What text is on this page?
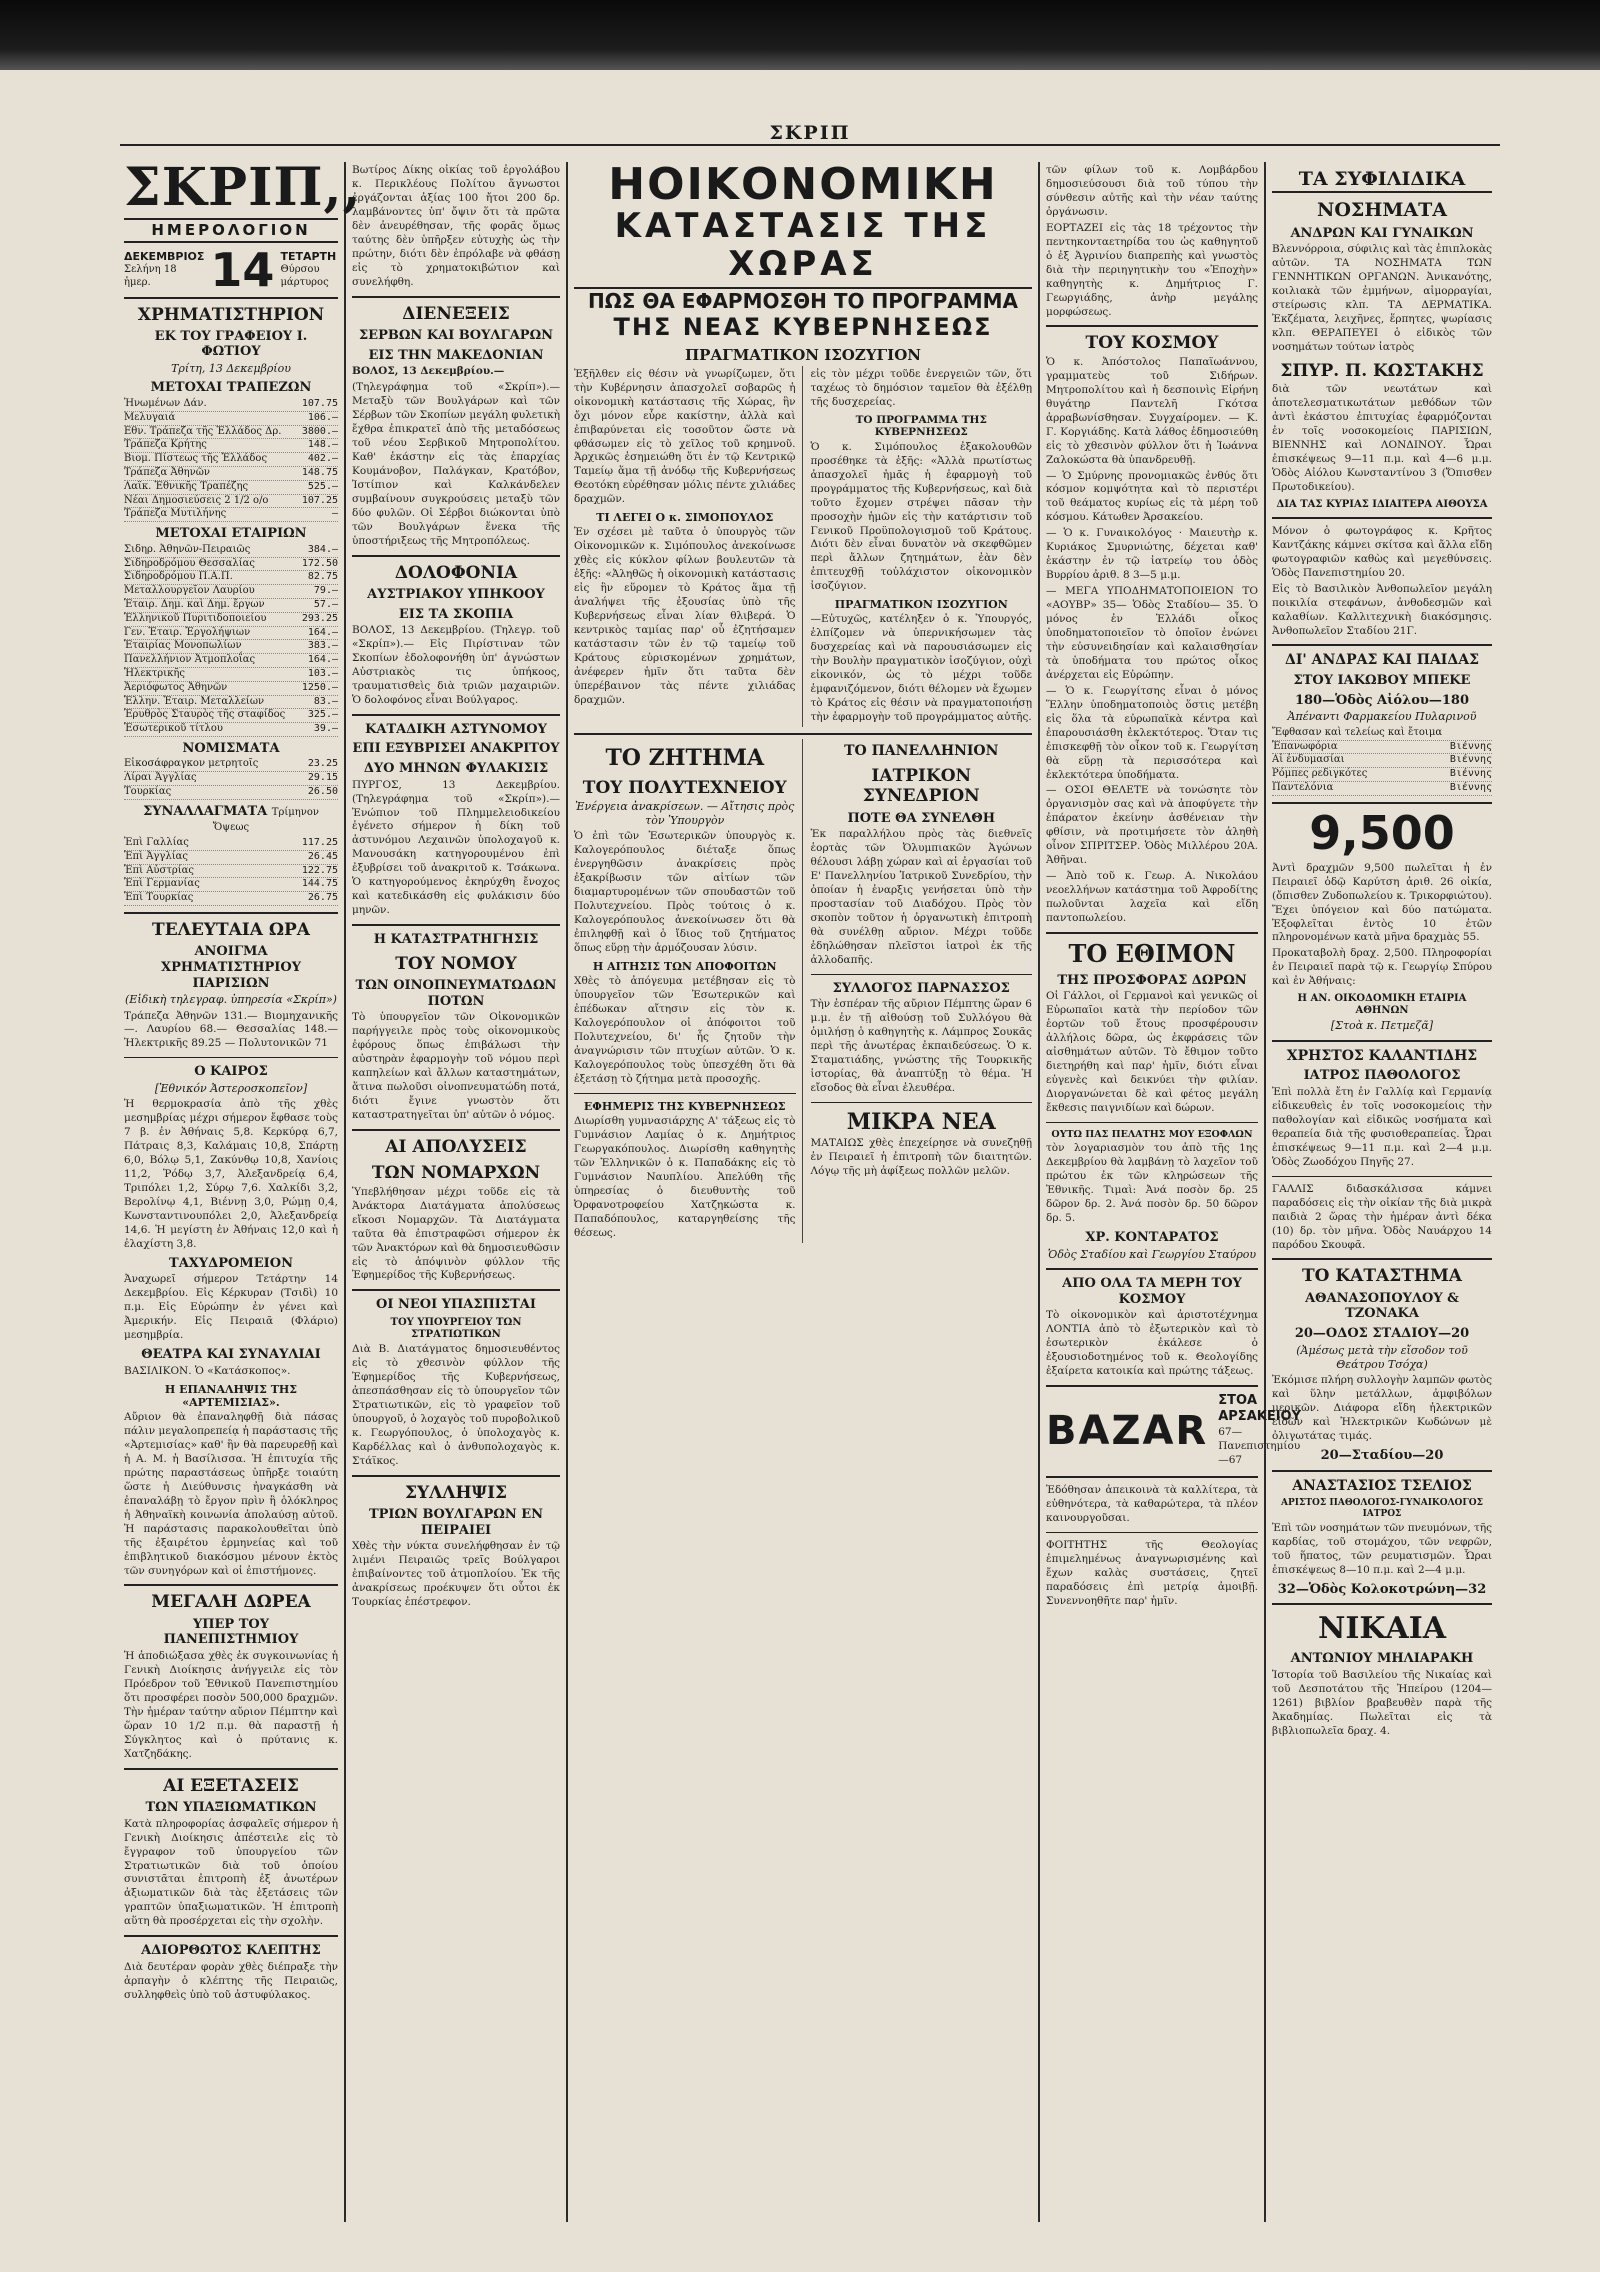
ΣΚΡΙΠ
ΣΚΡΙΠ,,
ΗΜΕΡΟΛΟΓΙΟΝ
ΔΕΚΕΜΒΡΙΟΣ
Σελήνη 18 ἡμερ.	14 ΤΕΤΑΡΤΗ
Θύρσου μάρτυρος
ΧΡΗΜΑΤΙΣΤΗΡΙΟΝ
ΕΚ ΤΟΥ ΓΡΑΦΕΙΟΥ Ι. ΦΩΤΙΟΥ
Τρίτη, 13 Δεκεμβρίου
ΜΕΤΟΧΑΙ ΤΡΑΠΕΖΩΝ
Ἠνωμένων Δάν.	107.75
Μελυγαιά	106.—
Εθν. Τράπεζα τῆς Ἑλλάδος Δρ. 3800.—
Τράπεζα Κρήτης	148.—
Βιομ. Πίστεως τῆς Ἑλλάδος	402.—
Τράπεζα Ἀθηνῶν	148.75
Λαϊκ. Ἐθνικῆς Τραπέζης	525.—
Νέαι Δημοσιεύσεις 2 1/2 ο/ο	107.25
Τράπεζα Μυτιλήνης	—
ΜΕΤΟΧΑΙ ΕΤΑΙΡΙΩΝ
Σιδηρ. Ἀθηνῶν-Πειραιῶς	384.—
Σιδηροδρόμου Θεσσαλίας	172.50
Σιδηροδρόμου Π.Α.Π.	82.75
Μεταλλουργεῖον Λαυρίου	79.—
Ἑταιρ. Δημ. καὶ Δημ. ἔργων	57.—
Ἑλληνικοῦ Πυριτιδοποιείου	293.25
Γεν. Ἑταιρ. Ἐργολήψιων	164.—
Ἑταιρίας Μονοπωλίων	383.—
Πανελλήνιον Ἀτμοπλοΐας	164.—
Ἠλεκτρικῆς	103.—
Ἀεριόφωτος Ἀθηνῶν	1250.—
Ἑλλην. Ἑταιρ. Μεταλλείων	83.—
Ἐρυθρὸς Σταυρὸς τῆς σταφίδος 325.—
Ἐσωτερικοῦ τίτλου	39.—
ΝΟΜΙΣΜΑΤΑ
Εἰκοσάφραγκον μετρητοῖς	23.25
Λίραι Ἀγγλίας	29.15
Τουρκίας	26.50
ΣΥΝΑΛΛΑΓΜΑΤΑ Τρίμηνον Ὄψεως
Ἐπὶ Γαλλίας	117.25
Ἐπὶ Ἀγγλίας	26.45
Ἐπὶ Αὐστρίας	122.75
Ἐπὶ Γερμανίας	144.75
Ἐπὶ Τουρκίας	26.75
ΤΕΛΕΥΤΑΙΑ ΩΡΑ
ΑΝΟΙΓΜΑ ΧΡΗΜΑΤΙΣΤΗΡΙΟΥ ΠΑΡΙΣΙΩΝ
(Εἰδικὴ τηλεγραφ. ὑπηρεσία «Σκρίπ»)
Τράπεζα Ἀθηνῶν 131.— Βιομηχανικῆς —. Λαυρίου 68.— Θεσσαλίας 148.— Ἠλεκτρικῆς 89.25 — Πολυτονικῶν 71
Ο ΚΑΙΡΟΣ
[Ἐθνικόν Ἀστεροσκοπεῖον]
Ἡ θερμοκρασία ἀπὸ τῆς χθὲς μεσημβρίας μέχρι σήμερον ἔφθασε τοὺς 7 β. ἐν Ἀθήναις 5,8. Κερκύρᾳ 6,7, Πάτραις 8,3, Καλάμαις 10,8, Σπάρτῃ 6,0, Βόλῳ 5,1, Ζακύνθῳ 10,8, Χανίοις 11,2, Ῥόδῳ 3,7, Ἀλεξανδρείᾳ 6,4, Τριπόλει 1,2, Σύρῳ 7,6. Χαλκίδι 3,2, Βερολίνῳ 4,1, Βιέννῃ 3,0, Ρώμῃ 0,4, Κωνσταντινουπόλει 2,0, Ἀλεξανδρείᾳ 14,6. Ἡ μεγίστη ἐν Ἀθήναις 12,0 καὶ ἡ ἐλαχίστη 3,8.
ΤΑΧΥΔΡΟΜΕΙΟΝ
Ἀναχωρεῖ σήμερον Τετάρτην 14 Δεκεμβρίου. Εἰς Κέρκυραν (Τσιδὶ) 10 π.μ. Εἰς Εὐρώπην ἐν γένει καὶ Ἀμερικήν. Εἰς Πειραιᾶ (Φλάριο) μεσημβρία.
ΘΕΑΤΡΑ ΚΑΙ ΣΥΝΑΥΛΙΑΙ
ΒΑΣΙΛΙΚΟΝ. Ὁ «Κατάσκοπος».
Η ΕΠΑΝΑΛΗΨΙΣ ΤΗΣ «ΑΡΤΕΜΙΣΙΑΣ».
Αὔριον θὰ ἐπαναληφθῇ διὰ πάσας πάλιν μεγαλοπρεπείᾳ ἡ παράστασις τῆς «Ἀρτεμισίας» καθ' ἣν θὰ παρευρεθῇ καὶ ἡ Α. Μ. ἡ Βασίλισσα. Ἡ ἐπιτυχία τῆς πρώτης παραστάσεως ὑπῆρξε τοιαύτη ὥστε ἡ Διεύθυνσις ἠναγκάσθη νὰ ἐπαναλάβῃ τὸ ἔργον πρὶν ἢ ὁλόκληρος ἡ Ἀθηναϊκὴ κοινωνία ἀπολαύσῃ αὐτοῦ. Ἡ παράστασις παρακολουθεῖται ὑπὸ τῆς ἐξαιρέτου ἑρμηνείας καὶ τοῦ ἐπιβλητικοῦ διακόσμου μένουν ἐκτὸς τῶν συνηγόρων καὶ οἱ ἐπιστήμονες.
ΜΕΓΑΛΗ ΔΩΡΕΑ
ΥΠΕΡ ΤΟΥ ΠΑΝΕΠΙΣΤΗΜΙΟΥ
Ἡ ἀποδιώξασα χθὲς ἐκ συγκοινωνίας ἡ Γενικὴ Διοίκησις ἀνήγγειλε εἰς τὸν Πρόεδρον τοῦ Ἐθνικοῦ Πανεπιστημίου ὅτι προσφέρει ποσὸν 500,000 δραχμῶν. Τὴν ἡμέραν ταύτην αὔριον Πέμπτην καὶ ὥραν 10 1/2 π.μ. θὰ παραστῇ ἡ Σύγκλητος καὶ ὁ πρύτανις κ. Χατζηδάκης.
ΑΙ ΕΞΕΤΑΣΕΙΣ
ΤΩΝ ΥΠΑΞΙΩΜΑΤΙΚΩΝ
Κατὰ πληροφορίας ἀσφαλεῖς σήμερον ἡ Γενικὴ Διοίκησις ἀπέστειλε εἰς τὸ ἔγγραφον τοῦ ὑπουργείου τῶν Στρατιωτικῶν διὰ τοῦ ὁποίου συνιστᾶται ἐπιτροπὴ ἐξ ἀνωτέρων ἀξιωματικῶν διὰ τὰς ἐξετάσεις τῶν γραπτῶν ὑπαξιωματικῶν. Ἡ ἐπιτροπὴ αὕτη θὰ προσέρχεται εἰς τὴν σχολὴν.
ΑΔΙΟΡΘΩΤΟΣ ΚΛΕΠΤΗΣ
Διὰ δευτέραν φορὰν χθὲς διέπραξε τὴν ἁρπαγὴν ὁ κλέπτης τῆς Πειραιῶς, συλληφθεὶς ὑπὸ τοῦ ἀστυφύλακος.
Βωτίρος Δίκης οἰκίας τοῦ ἐργολάβου κ. Περικλέους Πολίτου ἄγνωστοι ἐργάζονται ἀξίας 100 ἤτοι 200 δρ. λαμβάνοντες ὑπ' ὄψιν ὅτι τὰ πρῶτα δὲν ἀνευρέθησαν, τῆς φορᾶς ὅμως ταύτης δὲν ὑπῆρξεν εὐτυχὴς ὡς τὴν πρώτην, διότι δὲν ἐπρόλαβε νὰ φθάσῃ εἰς τὸ χρηματοκιβώτιον καὶ συνελήφθη.
ΔΙΕΝΕΞΕΙΣ
ΣΕΡΒΩΝ ΚΑΙ ΒΟΥΛΓΑΡΩΝ
ΕΙΣ ΤΗΝ ΜΑΚΕΔΟΝΙΑΝ
ΒΟΛΟΣ, 13 Δεκεμβρίου.—
(Τηλεγράφημα τοῦ «Σκρίπ»).— Μεταξὺ τῶν Βουλγάρων καὶ τῶν Σέρβων τῶν Σκοπίων μεγάλη φυλετικὴ ἔχθρα ἐπικρατεῖ ἀπὸ τῆς μεταδόσεως τοῦ νέου Σερβικοῦ Μητροπολίτου. Καθ' ἑκάστην εἰς τὰς ἐπαρχίας Κουμάνοβον, Παλάγκαν, Κρατόβον, Ἰστίπιον καὶ Καλκάνδελεν συμβαίνουν συγκρούσεις μεταξὺ τῶν δύο φυλῶν. Οἱ Σέρβοι διώκονται ὑπὸ τῶν Βουλγάρων ἕνεκα τῆς ὑποστήριξεως τῆς Μητροπόλεως.
ΔΟΛΟΦΟΝΙΑ
ΑΥΣΤΡΙΑΚΟΥ ΥΠΗΚΟΟΥ
ΕΙΣ ΤΑ ΣΚΟΠΙΑ
ΒΟΛΟΣ, 13 Δεκεμβρίου. (Τηλεγρ. τοῦ «Σκρίπ»).— Εἰς Πιρίστιναν τῶν Σκοπίων ἐδολοφονήθη ὑπ' ἀγνώστων Αὐστριακὸς τις ὑπήκοος, τραυματισθεὶς διὰ τριῶν μαχαιριῶν. Ὁ δολοφόνος εἶναι Βούλγαρος.
ΚΑΤΑΔΙΚΗ ΑΣΤΥΝΟΜΟΥ
ΕΠΙ ΕΞΥΒΡΙΣΕΙ ΑΝΑΚΡΙΤΟΥ
ΔΥΟ ΜΗΝΩΝ ΦΥΛΑΚΙΣΙΣ
ΠΥΡΓΟΣ, 13 Δεκεμβρίου. (Τηλεγράφημα τοῦ «Σκρίπ»).— Ἐνώπιον τοῦ Πλημμελειοδικείου ἐγένετο σήμερον ἡ δίκη τοῦ ἀστυνόμου Λεχαινῶν ὑπολοχαγοῦ κ. Μανουσάκη κατηγορουμένου ἐπὶ ἐξυβρίσει τοῦ ἀνακριτοῦ κ. Τσάκωνα. Ὁ κατηγορούμενος ἐκηρύχθη ἔνοχος καὶ κατεδικάσθη εἰς φυλάκισιν δύο μηνῶν.
Η ΚΑΤΑΣΤΡΑΤΗΓΗΣΙΣ
ΤΟΥ ΝΟΜΟΥ
ΤΩΝ ΟΙΝΟΠΝΕΥΜΑΤΩΔΩΝ ΠΟΤΩΝ
Τὸ ὑπουργεῖον τῶν Οἰκονομικῶν παρήγγειλε πρὸς τοὺς οἰκονομικοὺς ἐφόρους ὅπως ἐπιβάλωσι τὴν αὐστηρὰν ἐφαρμογὴν τοῦ νόμου περὶ καπηλείων καὶ ἄλλων καταστημάτων, ἅτινα πωλοῦσι οἰνοπνευματώδη ποτά, διότι ἔγινε γνωστὸν ὅτι καταστρατηγεῖται ὑπ' αὐτῶν ὁ νόμος.
ΑΙ ΑΠΟΛΥΣΕΙΣ
ΤΩΝ ΝΟΜΑΡΧΩΝ
Ὑπεβλήθησαν μέχρι τοῦδε εἰς τὰ Ἀνάκτορα Διατάγματα ἀπολύσεως εἴκοσι Νομαρχῶν. Τὰ Διατάγματα ταῦτα θὰ ἐπιστραφῶσι σήμερον ἐκ τῶν Ἀνακτόρων καὶ θὰ δημοσιευθῶσιν εἰς τὸ ἀπόψινὸν φύλλον τῆς Ἐφημερίδος τῆς Κυβερνήσεως.
ΟΙ ΝΕΟΙ ΥΠΑΣΠΙΣΤΑΙ
ΤΟΥ ΥΠΟΥΡΓΕΙΟΥ ΤΩΝ ΣΤΡΑΤΙΩΤΙΚΩΝ
Διὰ Β. Διατάγματος δημοσιευθέντος εἰς τὸ χθεσινὸν φύλλον τῆς Ἐφημερίδος τῆς Κυβερνήσεως, ἀπεσπάσθησαν εἰς τὸ ὑπουργεῖον τῶν Στρατιωτικῶν, εἰς τὸ γραφεῖον τοῦ ὑπουργοῦ, ὁ λοχαγὸς τοῦ πυροβολικοῦ κ. Γεωργόπουλος, ὁ ὑπολοχαγὸς κ. Καρδέλλας καὶ ὁ ἀνθυπολοχαγὸς κ. Στάϊκος.
ΣΥΛΛΗΨΙΣ
ΤΡΙΩΝ ΒΟΥΛΓΑΡΩΝ ΕΝ ΠΕΙΡΑΙΕΙ
Χθὲς τὴν νύκτα συνελήφθησαν ἐν τῷ λιμένι Πειραιῶς τρεῖς Βούλγαροι ἐπιβαίνοντες τοῦ ἀτμοπλοίου. Ἐκ τῆς ἀνακρίσεως προέκυψεν ὅτι οὗτοι ἐκ Τουρκίας ἐπέστρεφον.
ΗΟΙΚΟΝΟΜΙΚΗ
ΚΑΤΑΣΤΑΣΙΣ ΤΗΣ ΧΩΡΑΣ
ΠΩΣ ΘΑ ΕΦΑΡΜΟΣΘΗ ΤΟ ΠΡΟΓΡΑΜΜΑ
ΤΗΣ ΝΕΑΣ ΚΥΒΕΡΝΗΣΕΩΣ
ΠΡΑΓΜΑΤΙΚΟΝ ΙΣΟΖΥΓΙΟΝ
Ἐξῆλθεν εἰς θέσιν νὰ γνωρίζωμεν, ὅτι τὴν Κυβέρνησιν ἀπασχολεῖ σοβαρῶς ἡ οἰκονομικὴ κατάστασις τῆς Χώρας, ἣν ὄχι μόνον εὗρε κακίστην, ἀλλὰ καὶ ἐπιβαρύνεται εἰς τοσοῦτον ὥστε νὰ φθάσωμεν εἰς τὸ χεῖλος τοῦ κρημνοῦ. Ἀρχικῶς ἐσημειώθη ὅτι ἐν τῷ Κεντρικῷ Ταμείῳ ἅμα τῇ ἀνόδῳ τῆς Κυβερνήσεως Θεοτόκη εὑρέθησαν μόλις πέντε χιλιάδες δραχμῶν.
ΤΙ ΛΕΓΕΙ Ο κ. ΣΙΜΟΠΟΥΛΟΣ
Ἐν σχέσει μὲ ταῦτα ὁ ὑπουργὸς τῶν Οἰκονομικῶν κ. Σιμόπουλος ἀνεκοίνωσε χθὲς εἰς κύκλον φίλων βουλευτῶν τὰ ἑξῆς: «Ἀληθῶς ἡ οἰκονομικὴ κατάστασις εἰς ἣν εὕρομεν τὸ Κράτος ἅμα τῇ ἀναλήψει τῆς ἐξουσίας ὑπὸ τῆς Κυβερνήσεως εἶναι λίαν θλιβερά. Ὁ κεντρικὸς ταμίας παρ' οὗ ἐζητήσαμεν κατάστασιν τῶν ἐν τῷ ταμείῳ τοῦ Κράτους εὑρισκομένων χρημάτων, ἀνέφερεν ἡμῖν ὅτι ταῦτα δὲν ὑπερέβαινον τὰς πέντε χιλιάδας δραχμῶν.
εἰς τὸν μέχρι τοῦδε ἐνεργειῶν τῶν, ὅτι ταχέως τὸ δημόσιον ταμεῖον θὰ ἐξέλθῃ τῆς δυσχερείας.
ΤΟ ΠΡΟΓΡΑΜΜΑ ΤΗΣ ΚΥΒΕΡΝΗΣΕΩΣ
Ὁ κ. Σιμόπουλος ἐξακολουθῶν προσέθηκε τὰ ἑξῆς: «Ἀλλὰ πρωτίστως ἀπασχολεῖ ἡμᾶς ἡ ἐφαρμογὴ τοῦ προγράμματος τῆς Κυβερνήσεως, καὶ διὰ τοῦτο ἔχομεν στρέψει πᾶσαν τὴν προσοχὴν ἡμῶν εἰς τὴν κατάρτισιν τοῦ Γενικοῦ Προϋπολογισμοῦ τοῦ Κράτους. Διότι δὲν εἶναι δυνατὸν νὰ σκεφθῶμεν περὶ ἄλλων ζητημάτων, ἐὰν δὲν ἐπιτευχθῇ τοὐλάχιστον οἰκονομικὸν ἰσοζύγιον.
ΠΡΑΓΜΑΤΙΚΟΝ ΙΣΟΖΥΓΙΟΝ
—Εὐτυχῶς, κατέληξεν ὁ κ. Ὑπουργός, ἐλπίζομεν νὰ ὑπερνικήσωμεν τὰς δυσχερείας καὶ νὰ παρουσιάσωμεν εἰς τὴν Βουλὴν πραγματικὸν ἰσοζύγιον, οὐχὶ εἰκονικόν, ὡς τὸ μέχρι τοῦδε ἐμφανιζόμενον, διότι θέλομεν νὰ ἔχωμεν τὸ Κράτος εἰς θέσιν νὰ πραγματοποιήσῃ τὴν ἐφαρμογὴν τοῦ προγράμματος αὐτῆς.
ΤΟ ΖΗΤΗΜΑ
ΤΟΥ ΠΟΛΥΤΕΧΝΕΙΟΥ
Ἐνέργεια ἀνακρίσεων. — Αἴτησις πρὸς τὸν Ὑπουργὸν
Ὁ ἐπὶ τῶν Ἐσωτερικῶν ὑπουργὸς κ. Καλογερόπουλος διέταξε ὅπως ἐνεργηθῶσιν ἀνακρίσεις πρὸς ἐξακρίβωσιν τῶν αἰτίων τῶν διαμαρτυρομένων τῶν σπουδαστῶν τοῦ Πολυτεχνείου. Πρὸς τούτοις ὁ κ. Καλογερόπουλος ἀνεκοίνωσεν ὅτι θὰ ἐπιληφθῇ καὶ ὁ ἴδιος τοῦ ζητήματος ὅπως εὕρῃ τὴν ἀρμόζουσαν λύσιν.
Η ΑΙΤΗΣΙΣ ΤΩΝ ΑΠΟΦΟΙΤΩΝ
Χθὲς τὸ ἀπόγευμα μετέβησαν εἰς τὸ ὑπουργεῖον τῶν Ἐσωτερικῶν καὶ ἐπέδωκαν αἴτησιν εἰς τὸν κ. Καλογερόπουλον οἱ ἀπόφοιτοι τοῦ Πολυτεχνείου, δι' ἧς ζητοῦν τὴν ἀναγνώρισιν τῶν πτυχίων αὐτῶν. Ὁ κ. Καλογερόπουλος τοὺς ὑπεσχέθη ὅτι θὰ ἐξετάσῃ τὸ ζήτημα μετὰ προσοχῆς.
ΕΦΗΜΕΡΙΣ ΤΗΣ ΚΥΒΕΡΝΗΣΕΩΣ
Διωρίσθη γυμνασιάρχης Α' τάξεως εἰς τὸ Γυμνάσιον Λαμίας ὁ κ. Δημήτριος Γεωργακόπουλος. Διωρίσθη καθηγητὴς τῶν Ἑλληνικῶν ὁ κ. Παπαδάκης εἰς τὸ Γυμνάσιον Ναυπλίου. Ἀπελύθη τῆς ὑπηρεσίας ὁ διευθυντὴς τοῦ Ὀρφανοτροφείου Χατζηκώστα κ. Παπαδόπουλος, καταργηθείσης τῆς θέσεως.
ΤΟ ΠΑΝΕΛΛΗΝΙΟΝ
ΙΑΤΡΙΚΟΝ ΣΥΝΕΔΡΙΟΝ
ΠΟΤΕ ΘΑ ΣΥΝΕΛΘΗ
Ἐκ παραλλήλου πρὸς τὰς διεθνεῖς ἑορτὰς τῶν Ὀλυμπιακῶν Ἀγώνων θέλουσι λάβῃ χώραν καὶ αἱ ἐργασίαι τοῦ Ε' Πανελληνίου Ἰατρικοῦ Συνεδρίου, τὴν ὁποίαν ἡ ἐναρξις γενήσεται ὑπὸ τὴν προστασίαν τοῦ Διαδόχου. Πρὸς τὸν σκοπὸν τοῦτον ἡ ὀργανωτικὴ ἐπιτροπὴ θὰ συνέλθῃ αὔριον. Μέχρι τοῦδε ἐδηλώθησαν πλεῖστοι ἰατροὶ ἐκ τῆς ἀλλοδαπῆς.
ΣΥΛΛΟΓΟΣ ΠΑΡΝΑΣΣΟΣ
Τὴν ἑσπέραν τῆς αὔριον Πέμπτης ὥραν 6 μ.μ. ἐν τῇ αἰθούσῃ τοῦ Συλλόγου θὰ ὁμιλήσῃ ὁ καθηγητὴς κ. Λάμπρος Σουκᾶς περὶ τῆς ἀνωτέρας ἐκπαιδεύσεως. Ὁ κ. Σταματιάδης, γνώστης τῆς Τουρκικῆς ἱστορίας, θὰ ἀναπτύξῃ τὸ θέμα. Ἡ εἴσοδος θὰ εἶναι ἐλευθέρα.
ΜΙΚΡΑ ΝΕΑ
ΜΑΤΑΙΩΣ χθὲς ἐπεχείρησε νὰ συνεζηθῇ ἐν Πειραιεῖ ἡ ἐπιτροπὴ τῶν διαιτητῶν. Λόγῳ τῆς μὴ ἀφίξεως πολλῶν μελῶν.
τῶν φίλων τοῦ κ. Λομβάρδου δημοσιεύσουσι διὰ τοῦ τύπου τὴν σύνθεσιν αὐτῆς καὶ τὴν νέαν ταύτης ὀργάνωσιν.
ΕΟΡΤΑΖΕΙ εἰς τὰς 18 τρέχοντος τὴν πεντηκονταετηρίδα του ὡς καθηγητοῦ ὁ ἐξ Ἀγρινίου διαπρεπὴς καὶ γνωστὸς διὰ τὴν περιηγητικὴν του «Ἐποχὴν» καθηγητὴς κ. Δημήτριος Γ. Γεωργιάδης, ἀνὴρ μεγάλης μορφώσεως.
ΤΟΥ ΚΟΣΜΟΥ
Ὁ κ. Ἀπόστολος Παπαϊωάννου, γραμματεὺς τοῦ Σιδήρων. Μητροπολίτου καὶ ἡ δεσποινὶς Εἰρήνη θυγάτηρ Παντελῆ Γκότσα ἀρραβωνίσθησαν. Συγχαίρομεν. — Κ. Γ. Κοργιάδης. Κατὰ λάθος ἐδημοσιεύθη εἰς τὸ χθεσινὸν φύλλον ὅτι ἡ Ἰωάννα Ζαλοκώστα θὰ ὑπανδρευθῇ.
— Ὁ Σμύρνης προνομιακῶς ἐνθύς ὅτι κόσμον κομψότητα καὶ τὸ περιστέρι τοῦ θεάματος κυρίως εἰς τὰ μέρη τοῦ κόσμου. Κάτωθεν Ἀρσακείου.
— Ὁ κ. Γυναικολόγος · Μαιευτὴρ κ. Κυριάκος Σμυρνιώτης, δέχεται καθ' ἑκάστην ἐν τῷ ἰατρείῳ του ὁδὸς Βυρρίου ἀριθ. 8 3—5 μ.μ.
— ΜΕΓΑ ΥΠΟΔΗΜΑΤΟΠΟΙΕΙΟΝ ΤΟ «ΑΟΥΒΡ» 35— Ὁδὸς Σταδίου— 35. Ὁ μόνος ἐν Ἑλλάδι οἶκος ὑποδηματοποιεῖον τὸ ὁποῖον ἐνώνει τὴν εὐσυνειδησίαν καὶ καλαισθησίαν τὰ ὑποδήματα του πρώτος οἶκος ἀνέρχεται εἰς Εὐρώπην.
— Ὁ κ. Γεωργίτσης εἶναι ὁ μόνος Ἕλλην ὑποδηματοποιὸς ὅστις μετέβη εἰς ὅλα τὰ εὐρωπαϊκὰ κέντρα καὶ ἐπαρουσιάσθη ἐκλεκτότερος. Ὅταν τις ἐπισκεφθῇ τὸν οἶκον τοῦ κ. Γεωργίτση θὰ εὕρῃ τὰ περισσότερα καὶ ἐκλεκτότερα ὑποδήματα.
— ΟΣΟΙ ΘΕΛΕΤΕ νὰ τονώσητε τὸν ὀργανισμὸν σας καὶ νὰ ἀποφύγετε τὴν ἐπάρατον ἐκείνην ἀσθένειαν τὴν φθίσιν, νὰ προτιμήσετε τὸν ἀληθὴ οἶνον ΣΠΡΙΤΣΕΡ. Ὁδὸς Μιλλέρου 20Α. Ἀθῆναι.
— Ἀπὸ τοῦ κ. Γεωρ. Α. Νικολάου νεοελλήνων κατάστημα τοῦ Ἀφροδίτης πωλοῦνται λαχεῖα καὶ εἴδη παντοπωλείου.
ΤΟ ΕΘΙΜΟΝ
ΤΗΣ ΠΡΟΣΦΟΡΑΣ ΔΩΡΩΝ
Οἱ Γάλλοι, οἱ Γερμανοὶ καὶ γενικῶς οἱ Εὐρωπαῖοι κατὰ τὴν περίοδον τῶν ἑορτῶν τοῦ ἔτους προσφέρουσιν ἀλλήλοις δῶρα, ὡς ἐκφράσεις τῶν αἰσθημάτων αὐτῶν. Τὸ ἔθιμον τοῦτο διετηρήθη καὶ παρ' ἡμῖν, διότι εἶναι εὐγενὲς καὶ δεικνύει τὴν φιλίαν. Διοργανώνεται δὲ καὶ φέτος μεγάλη ἔκθεσις παιγνιδίων καὶ δώρων.
ΟΥΤΩ ΠΑΣ ΠΕΛΑΤΗΣ ΜΟΥ ΕΞΟΦΛΩΝ
τὸν λογαριασμὸν του ἀπὸ τῆς 1ης Δεκεμβρίου θὰ λαμβάνῃ τὸ λαχεῖον τοῦ πρώτου ἐκ τῶν κληρώσεων τῆς Ἐθνικῆς. Τιμαὶ: Ἀνά ποσὸν δρ. 25 δῶρον δρ. 2. Ἀνά ποσὸν δρ. 50 δῶρον δρ. 5.
ΧΡ. ΚΟΝΤΑΡΑΤΟΣ
Ὁδὸς Σταδίου καὶ Γεωργίου Σταύρου
ΑΠΟ ΟΛΑ ΤΑ ΜΕΡΗ ΤΟΥ ΚΟΣΜΟΥ
Τὸ οἰκονομικὸν καὶ ἀριστοτέχνημα ΛΟΝΤΙΑ ἀπὸ τὸ ἐξωτερικὸν καὶ τὸ ἐσωτερικὸν ἐκάλεσε ὁ ἐξουσιοδοτημένος τοῦ κ. Θεολογίδης ἐξαίρετα κατοικία καὶ πρώτης τάξεως.
BAZAR
ΣΤΟΑ ΑΡΣΑΚΕΙΟΥ
67—Πανεπιστημίου—67
Ἐδόθησαν ἀπεικοινὰ τὰ καλλίτερα, τὰ εὐθηνότερα, τὰ καθαρώτερα, τὰ πλέον καινουργοῦσαι.
ΦΟΙΤΗΤΗΣ τῆς Θεολογίας ἐπιμελημένως ἀναγνωρισμένης καὶ ἔχων καλὰς συστάσεις, ζητεῖ παραδόσεις ἐπὶ μετρίᾳ ἀμοιβῇ. Συνεννοηθῆτε παρ' ἡμῖν.
ΤΑ ΣΥΦΙΛΙΔΙΚΑ
ΝΟΣΗΜΑΤΑ
ΑΝΔΡΩΝ ΚΑΙ ΓΥΝΑΙΚΩΝ
Βλεννόρροια, σύφιλις καὶ τὰς ἐπιπλοκὰς αὐτῶν. ΤΑ ΝΟΣΗΜΑΤΑ ΤΩΝ ΓΕΝΝΗΤΙΚΩΝ ΟΡΓΑΝΩΝ. Ἀνικανότης, κοιλιακὰ τῶν ἐμμήνων, αἱμορραγίαι, στείρωσις κλπ. ΤΑ ΔΕΡΜΑΤΙΚΑ. Ἐκζέματα, λειχῆνες, ἕρπητες, ψωρίασις κλπ. ΘΕΡΑΠΕΥΕΙ ὁ εἰδικὸς τῶν νοσημάτων τούτων ἰατρὸς
ΣΠΥΡ. Π. ΚΩΣΤΑΚΗΣ
διὰ τῶν νεωτάτων καὶ ἀποτελεσματικωτάτων μεθόδων τῶν ἀντὶ ἑκάστου ἐπιτυχίας ἐφαρμόζονται ἐν τοῖς νοσοκομείοις ΠΑΡΙΣΙΩΝ, ΒΙΕΝΝΗΣ καὶ ΛΟΝΔΙΝΟΥ. Ὧραι ἐπισκέψεως 9—11 π.μ. καὶ 4—6 μ.μ. Ὁδὸς Αἰόλου Κωνσταντίνου 3 (Ὄπισθεν Πρωτοδικείου).
ΔΙΑ ΤΑΣ ΚΥΡΙΑΣ ΙΔΙΑΙΤΕΡΑ ΑΙΘΟΥΣΑ
Μόνον ὁ φωτογράφος κ. Κρῆτος Καντζάκης κάμνει σκίτσα καὶ ἄλλα εἴδη φωτογραφιῶν καθὼς καὶ μεγεθύνσεις. Ὁδὸς Πανεπιστημίου 20.
Εἰς τὸ Βασιλικὸν Ἀνθοπωλεῖον μεγάλη ποικιλία στεφάνων, ἀνθοδεσμῶν καὶ καλαθίων. Καλλιτεχνικὴ διακόσμησις. Ἀνθοπωλεῖον Σταδίου 21Γ.
ΔΙ' ΑΝΔΡΑΣ ΚΑΙ ΠΑΙΔΑΣ
ΣΤΟΥ ΙΑΚΩΒΟΥ ΜΠΕΚΕ
180—Ὁδὸς Αἰόλου—180
Ἀπέναντι Φαρμακείου Πυλαρινοῦ
Ἔφθασαν καὶ τελείως καὶ ἔτοιμα
Ἐπανωφόρια	Βιέννης
Αἱ ἐνδυμασίαι	Βιέννης
Ρόμπες ρεδιγκότες	Βιέννης
Παντελόνια	Βιέννης
9,500
Ἀντὶ δραχμῶν 9,500 πωλεῖται ἡ ἐν Πειραιεῖ ὁδῷ Καρύτση ἀριθ. 26 οἰκία, (ὄπισθεν Ζυδοπωλείου κ. Τρικορφιώτου). Ἔχει ὑπόγειον καὶ δύο πατώματα. Ἐξοφλεῖται ἐντὸς 10 ἐτῶν πληρονομένων κατὰ μῆνα δραχμὰς 55.
Προκαταβολὴ δραχ. 2,500. Πληροφορίαι ἐν Πειραιεῖ παρὰ τῷ κ. Γεωργίῳ Σπύρου καὶ ἐν Ἀθήναις:
Η ΑΝ. ΟΙΚΟΔΟΜΙΚΗ ΕΤΑΙΡΙΑ ΑΘΗΝΩΝ
[Στοὰ κ. Πετμεζᾶ]
ΧΡΗΣΤΟΣ ΚΑΛΑΝΤΙΔΗΣ
ΙΑΤΡΟΣ ΠΑΘΟΛΟΓΟΣ
Ἐπὶ πολλὰ ἔτη ἐν Γαλλίᾳ καὶ Γερμανίᾳ εἰδικευθεὶς ἐν τοῖς νοσοκομείοις τὴν παθολογίαν καὶ εἰδικῶς νοσήματα καὶ θεραπεία διὰ τῆς φυσιοθεραπείας. Ὧραι ἐπισκέψεως 9—11 π.μ. καὶ 2—4 μ.μ. Ὁδὸς Ζωοδόχου Πηγῆς 27.
ΓΑΛΛΙΣ διδασκάλισσα κάμνει παραδόσεις εἰς τὴν οἰκίαν τῆς διὰ μικρὰ παιδιὰ 2 ὥρας τὴν ἡμέραν ἀντὶ δέκα (10) δρ. τὸν μῆνα. Ὁδὸς Ναυάρχου 14 παρόδου Σκουφᾶ.
ΤΟ ΚΑΤΑΣΤΗΜΑ
ΑΘΑΝΑΣΟΠΟΥΛΟΥ & ΤΖΟΝΑΚΑ
20—ΟΔΟΣ ΣΤΑΔΙΟΥ—20
(Ἀμέσως μετὰ τὴν εἴσοδον τοῦ Θεάτρου Τσόχα)
Ἐκόμισε πλήρη συλλογὴν λαμπῶν φωτὸς καὶ ὕλην μετάλλων, ἀμφιβόλων μερικῶν. Διάφορα εἴδη ἠλεκτρικῶν εἰδῶν καὶ Ἠλεκτρικῶν Κωδώνων μὲ ὀλιγωτάτας τιμάς.
20—Σταδίου—20
ΑΝΑΣΤΑΣΙΟΣ ΤΣΕΛΙΟΣ
ΑΡΙΣΤΟΣ ΠΑΘΟΛΟΓΟΣ-ΓΥΝΑΙΚΟΛΟΓΟΣ ΙΑΤΡΟΣ
Ἐπὶ τῶν νοσημάτων τῶν πνευμόνων, τῆς καρδίας, τοῦ στομάχου, τῶν νεφρῶν, τοῦ ἥπατος, τῶν ρευματισμῶν. Ὧραι ἐπισκέψεως 8—10 π.μ. καὶ 2—4 μ.μ.
32—Ὁδὸς Κολοκοτρώνη—32
ΝΙΚΑΙΑ
ΑΝΤΩΝΙΟΥ ΜΗΛΙΑΡΑΚΗ
Ἱστορία τοῦ Βασιλείου τῆς Νικαίας καὶ τοῦ Δεσποτάτου τῆς Ἠπείρου (1204—1261) βιβλίον βραβευθὲν παρὰ τῆς Ἀκαδημίας. Πωλεῖται εἰς τὰ βιβλιοπωλεῖα δραχ. 4.
